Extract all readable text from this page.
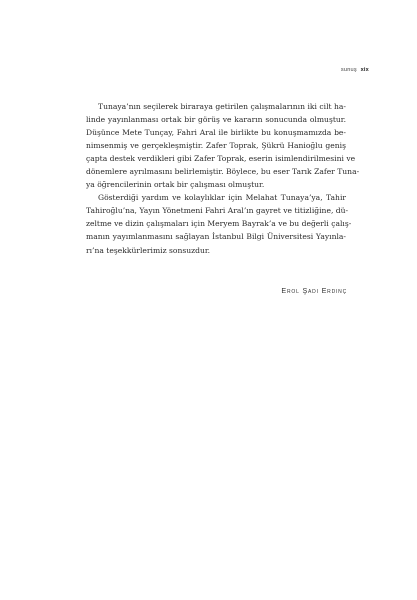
sunuş xix
Tunaya’nın seçilerek biraraya getirilen çalışmalarının iki cilt ha-
linde yayınlanması ortak bir görüş ve kararın sonucunda olmuştur.
Düşünce Mete Tunçay, Fahri Aral ile birlikte bu konuşmamızda be-
nimsenmiş ve gerçekleşmiştir. Zafer Toprak, Şükrü Hanioğlu geniş
çapta destek verdikleri gibi Zafer Toprak, eserin isimlendirilmesini ve
dönemlere ayrılmasını belirlemiştir. Böylece, bu eser Tarık Zafer Tuna-
ya öğrencilerinin ortak bir çalışması olmuştur.
Gösterdiği yardım ve kolaylıklar için Melahat Tunaya’ya, Tahir
Tahiroğlu’na, Yayın Yönetmeni Fahri Aral’ın gayret ve titizliğine, dü-
zeltme ve dizin çalışmaları için Meryem Bayrak’a ve bu değerli çalış-
manın yayımlanmasını sağlayan İstanbul Bilgi Üniversitesi Yayınla-
rı’na teşekkürlerimiz sonsuzdur.
Erol Şadi Erdinç
